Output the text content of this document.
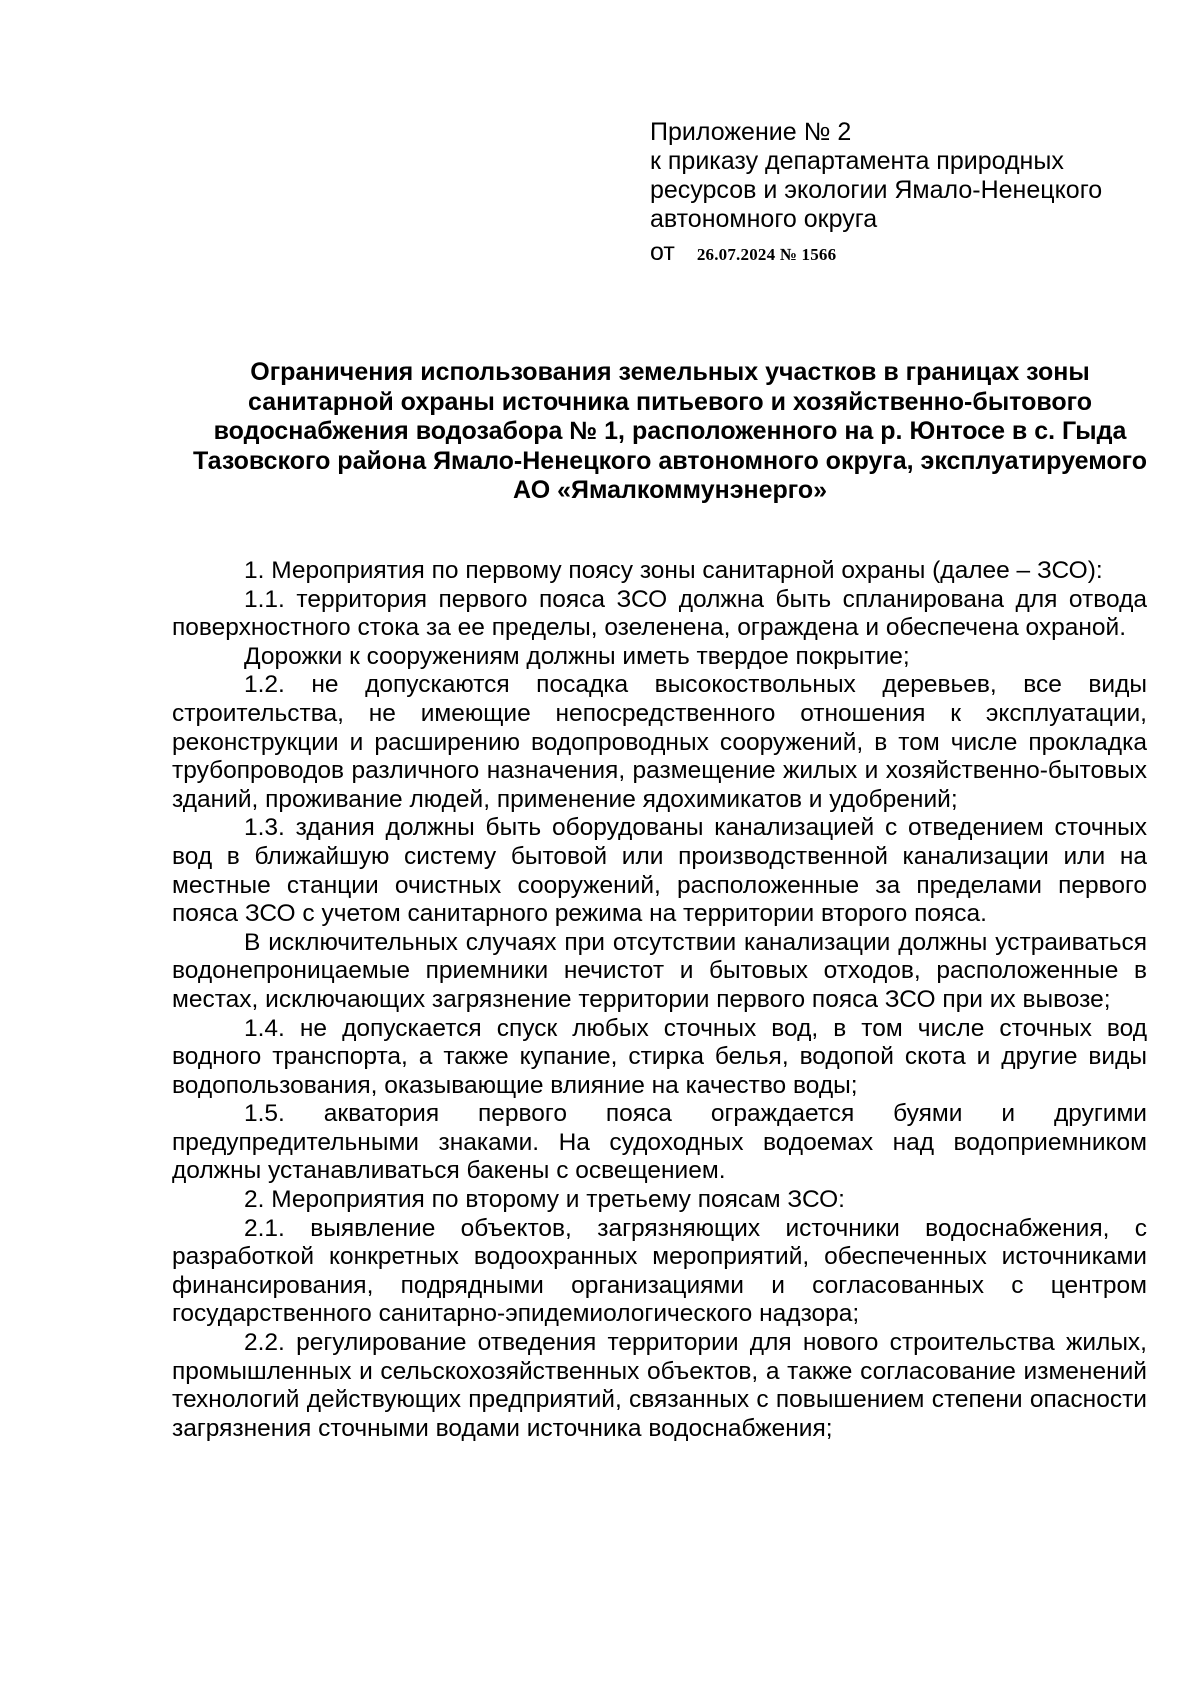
Приложение № 2
к приказу департамента природных
ресурсов и экологии Ямало-Ненецкого
автономного округа
от 26.07.2024 № 1566
Ограничения использования земельных участков в границах зоны
санитарной охраны источника питьевого и хозяйственно-бытового
водоснабжения водозабора № 1, расположенного на р. Юнтосе в с. Гыда
Тазовского района Ямало-Ненецкого автономного округа, эксплуатируемого
АО «Ямалкоммунэнерго»

1. Мероприятия по первому поясу зоны санитарной охраны (далее – ЗСО):

1.1. территория первого пояса ЗСО должна быть спланирована для отвода поверхностного стока за ее пределы, озеленена, ограждена и обеспечена охраной.

Дорожки к сооружениям должны иметь твердое покрытие;

1.2. не допускаются посадка высокоствольных деревьев, все виды строительства, не имеющие непосредственного отношения к эксплуатации, реконструкции и расширению водопроводных сооружений, в том числе прокладка трубопроводов различного назначения, размещение жилых и хозяйственно-бытовых зданий, проживание людей, применение ядохимикатов и удобрений;

1.3. здания должны быть оборудованы канализацией с отведением сточных вод в ближайшую систему бытовой или производственной канализации или на местные станции очистных сооружений, расположенные за пределами первого пояса ЗСО с учетом санитарного режима на территории второго пояса.

В исключительных случаях при отсутствии канализации должны устраиваться водонепроницаемые приемники нечистот и бытовых отходов, расположенные в местах, исключающих загрязнение территории первого пояса ЗСО при их вывозе;

1.4. не допускается спуск любых сточных вод, в том числе сточных вод водного транспорта, а также купание, стирка белья, водопой скота и другие виды водопользования, оказывающие влияние на качество воды;

1.5. акватория первого пояса ограждается буями и другими предупредительными знаками. На судоходных водоемах над водоприемником должны устанавливаться бакены с освещением.

2. Мероприятия по второму и третьему поясам ЗСО:

2.1. выявление объектов, загрязняющих источники водоснабжения, с разработкой конкретных водоохранных мероприятий, обеспеченных источниками финансирования, подрядными организациями и согласованных с центром государственного санитарно-эпидемиологического надзора;

2.2. регулирование отведения территории для нового строительства жилых, промышленных и сельскохозяйственных объектов, а также согласование изменений технологий действующих предприятий, связанных с повышением степени опасности загрязнения сточными водами источника водоснабжения;
